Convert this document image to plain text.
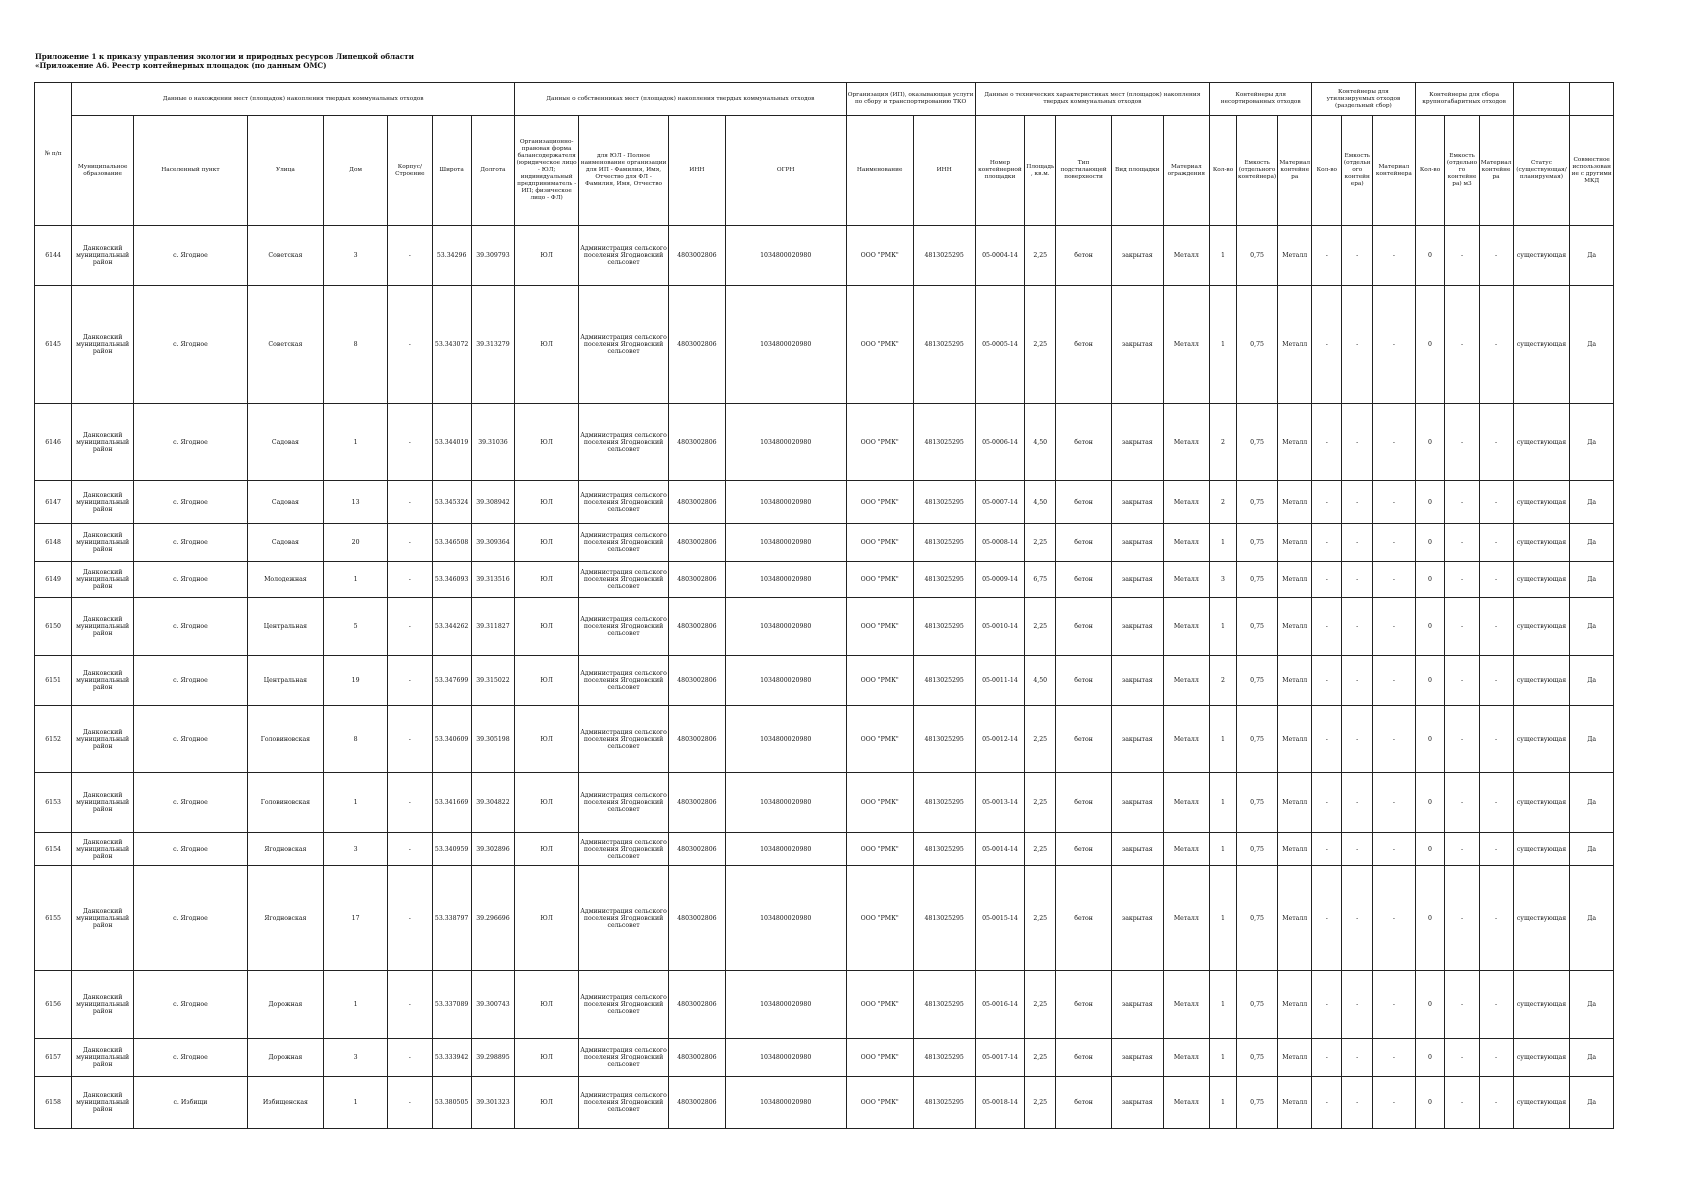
Приложение 1 к приказу управления экологии и природных ресурсов Липецкой области
«Приложение А6. Реестр контейнерных площадок (по данным ОМС)
№ п/п	Данные о нахождении мест (площадок) накопления твердых коммунальных отходов							Данные о собственниках мест (площадок) накопления твердых коммунальных отходов				Организация (ИП), оказывающая услуги по сбору и транспортированию ТКО		Данные о технических характеристиках мест (площадок) накопления твердых коммунальных отходов					Контейнеры для несортированных отходов			Контейнеры для утилизируемых отходов (раздельный сбор)			Контейнеры для сбора крупногабаритных отходов				
	Муниципальное образование	Населенный пункт	Улица	Дом	Корпус/Строение	Широта	Долгота	Организационно-правовая форма балансодержателя (юридическое лицо - ЮЛ; индивидуальный предприниматель - ИП; физическое лицо - ФЛ)	для ЮЛ - Полное наименование организации для ИП - Фамилия, Имя, Отчество для ФЛ - Фамилия, Имя, Отчество	ИНН	ОГРН	Наименование	ИНН	Номер контейнерной площадки	Площадь, кв.м.	Тип подстилающей поверхности	Вид площадки	Материал ограждения	Кол-во	Емкость (отдельного контейнера)	Материал контейнера	Кол-во	Емкость (отдельного контейнера)	Материал контейнера	Кол-во	Емкость (отдельного контейнера) м3	Материал контейнера	Статус (существующая/ планируемая)	Совместное использование с другими МКД
6144	Данковский муниципальный район	с. Ягодное	Советская	3	-	53.34296	39.309793	ЮЛ	Администрация сельского поселения Ягодновский сельсовет	4803002806	1034800020980	ООО "РМК"	4813025295	05-0004-14	2,25	бетон	закрытая	Металл	1	0,75	Металл	-	-	-	0	-	-	существующая	Да
6145	Данковский муниципальный район	с. Ягодное	Советская	8	-	53.343072	39.313279	ЮЛ	Администрация сельского поселения Ягодновский сельсовет	4803002806	1034800020980	ООО "РМК"	4813025295	05-0005-14	2,25	бетон	закрытая	Металл	1	0,75	Металл	-	-	-	0	-	-	существующая	Да
6146	Данковский муниципальный район	с. Ягодное	Садовая	1	-	53.344019	39.31036	ЮЛ	Администрация сельского поселения Ягодновский сельсовет	4803002806	1034800020980	ООО "РМК"	4813025295	05-0006-14	4,50	бетон	закрытая	Металл	2	0,75	Металл	-	-	-	0	-	-	существующая	Да
6147	Данковский муниципальный район	с. Ягодное	Садовая	13	-	53.345324	39.308942	ЮЛ	Администрация сельского поселения Ягодновский сельсовет	4803002806	1034800020980	ООО "РМК"	4813025295	05-0007-14	4,50	бетон	закрытая	Металл	2	0,75	Металл	-	-	-	0	-	-	существующая	Да
6148	Данковский муниципальный район	с. Ягодное	Садовая	20	-	53.346508	39.309364	ЮЛ	Администрация сельского поселения Ягодновский сельсовет	4803002806	1034800020980	ООО "РМК"	4813025295	05-0008-14	2,25	бетон	закрытая	Металл	1	0,75	Металл	-	-	-	0	-	-	существующая	Да
6149	Данковский муниципальный район	с. Ягодное	Молодежная	1	-	53.346093	39.313516	ЮЛ	Администрация сельского поселения Ягодновский сельсовет	4803002806	1034800020980	ООО "РМК"	4813025295	05-0009-14	6,75	бетон	закрытая	Металл	3	0,75	Металл	-	-	-	0	-	-	существующая	Да
6150	Данковский муниципальный район	с. Ягодное	Центральная	5	-	53.344262	39.311827	ЮЛ	Администрация сельского поселения Ягодновский сельсовет	4803002806	1034800020980	ООО "РМК"	4813025295	05-0010-14	2,25	бетон	закрытая	Металл	1	0,75	Металл	-	-	-	0	-	-	существующая	Да
6151	Данковский муниципальный район	с. Ягодное	Центральная	19	-	53.347699	39.315022	ЮЛ	Администрация сельского поселения Ягодновский сельсовет	4803002806	1034800020980	ООО "РМК"	4813025295	05-0011-14	4,50	бетон	закрытая	Металл	2	0,75	Металл	-	-	-	0	-	-	существующая	Да
6152	Данковский муниципальный район	с. Ягодное	Головиновская	8	-	53.340609	39.305198	ЮЛ	Администрация сельского поселения Ягодновский сельсовет	4803002806	1034800020980	ООО "РМК"	4813025295	05-0012-14	2,25	бетон	закрытая	Металл	1	0,75	Металл	-	-	-	0	-	-	существующая	Да
6153	Данковский муниципальный район	с. Ягодное	Головиновская	1	-	53.341669	39.304822	ЮЛ	Администрация сельского поселения Ягодновский сельсовет	4803002806	1034800020980	ООО "РМК"	4813025295	05-0013-14	2,25	бетон	закрытая	Металл	1	0,75	Металл	-	-	-	0	-	-	существующая	Да
6154	Данковский муниципальный район	с. Ягодное	Ягодновская	3	-	53.340959	39.302896	ЮЛ	Администрация сельского поселения Ягодновский сельсовет	4803002806	1034800020980	ООО "РМК"	4813025295	05-0014-14	2,25	бетон	закрытая	Металл	1	0,75	Металл	-	-	-	0	-	-	существующая	Да
6155	Данковский муниципальный район	с. Ягодное	Ягодновская	17	-	53.338797	39.296696	ЮЛ	Администрация сельского поселения Ягодновский сельсовет	4803002806	1034800020980	ООО "РМК"	4813025295	05-0015-14	2,25	бетон	закрытая	Металл	1	0,75	Металл	-	-	-	0	-	-	существующая	Да
6156	Данковский муниципальный район	с. Ягодное	Дорожная	1	-	53.337089	39.300743	ЮЛ	Администрация сельского поселения Ягодновский сельсовет	4803002806	1034800020980	ООО "РМК"	4813025295	05-0016-14	2,25	бетон	закрытая	Металл	1	0,75	Металл	-	-	-	0	-	-	существующая	Да
6157	Данковский муниципальный район	с. Ягодное	Дорожная	3	-	53.333942	39.298895	ЮЛ	Администрация сельского поселения Ягодновский сельсовет	4803002806	1034800020980	ООО "РМК"	4813025295	05-0017-14	2,25	бетон	закрытая	Металл	1	0,75	Металл	-	-	-	0	-	-	существующая	Да
6158	Данковский муниципальный район	с. Избищи	Избищенская	1	-	53.380505	39.301323	ЮЛ	Администрация сельского поселения Ягодновский сельсовет	4803002806	1034800020980	ООО "РМК"	4813025295	05-0018-14	2,25	бетон	закрытая	Металл	1	0,75	Металл	-	-	-	0	-	-	существующая	Да
